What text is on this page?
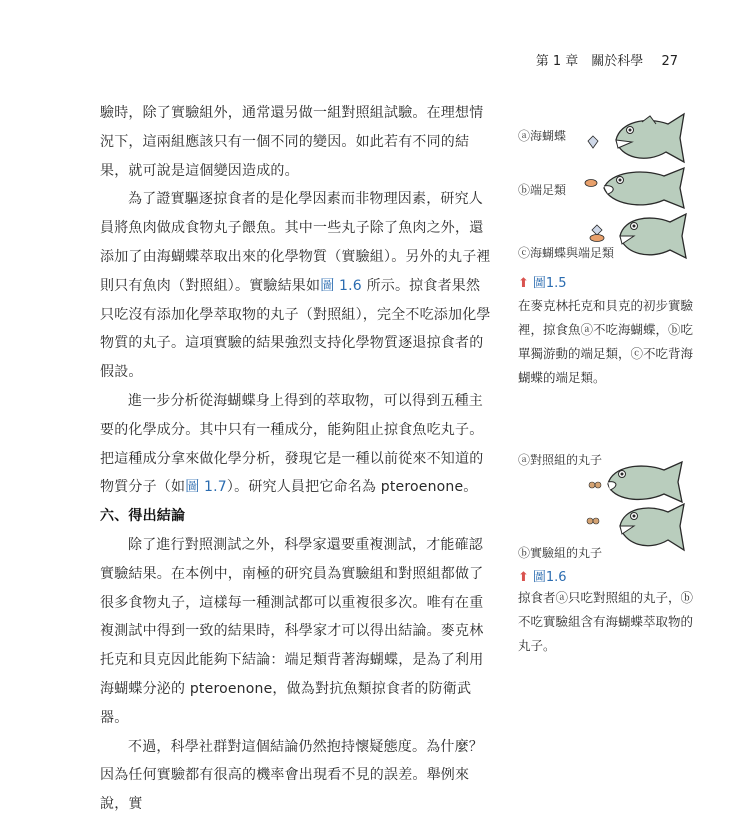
第 1 章　關於科學 27

驗時，除了實驗組外，通常還另做一組對照組試驗。在理想情況下，這兩組應該只有一個不同的變因。如此若有不同的結果，就可說是這個變因造成的。

為了證實驅逐掠食者的是化學因素而非物理因素，研究人員將魚肉做成食物丸子餵魚。其中一些丸子除了魚肉之外，還添加了由海蝴蝶萃取出來的化學物質（實驗組）。另外的丸子裡則只有魚肉（對照組）。實驗結果如圖 1.6 所示。掠食者果然只吃沒有添加化學萃取物的丸子（對照組），完全不吃添加化學物質的丸子。這項實驗的結果強烈支持化學物質逐退掠食者的假設。

進一步分析從海蝴蝶身上得到的萃取物，可以得到五種主要的化學成分。其中只有一種成分，能夠阻止掠食魚吃丸子。把這種成分拿來做化學分析，發現它是一種以前從來不知道的物質分子（如圖 1.7）。研究人員把它命名為 pteroenone。

六、得出結論

除了進行對照測試之外，科學家還要重複測試，才能確認實驗結果。在本例中，南極的研究員為實驗組和對照組都做了很多食物丸子，這樣每一種測試都可以重複很多次。唯有在重複測試中得到一致的結果時，科學家才可以得出結論。麥克林托克和貝克因此能夠下結論：端足類背著海蝴蝶，是為了利用海蝴蝶分泌的 pteroenone，做為對抗魚類掠食者的防衛武器。

不過，科學社群對這個結論仍然抱持懷疑態度。為什麼？因為任何實驗都有很高的機率會出現看不見的誤差。舉例來說，實

ⓐ海蝴蝶
ⓑ端足類
ⓒ海蝴蝶與端足類
⬆ 圖1.5
在麥克林托克和貝克的初步實驗裡，掠食魚ⓐ不吃海蝴蝶，ⓑ吃單獨游動的端足類，ⓒ不吃背海蝴蝶的端足類。
ⓐ對照組的丸子
ⓑ實驗組的丸子
⬆ 圖1.6
掠食者ⓐ只吃對照組的丸子，ⓑ不吃實驗組含有海蝴蝶萃取物的丸子。
